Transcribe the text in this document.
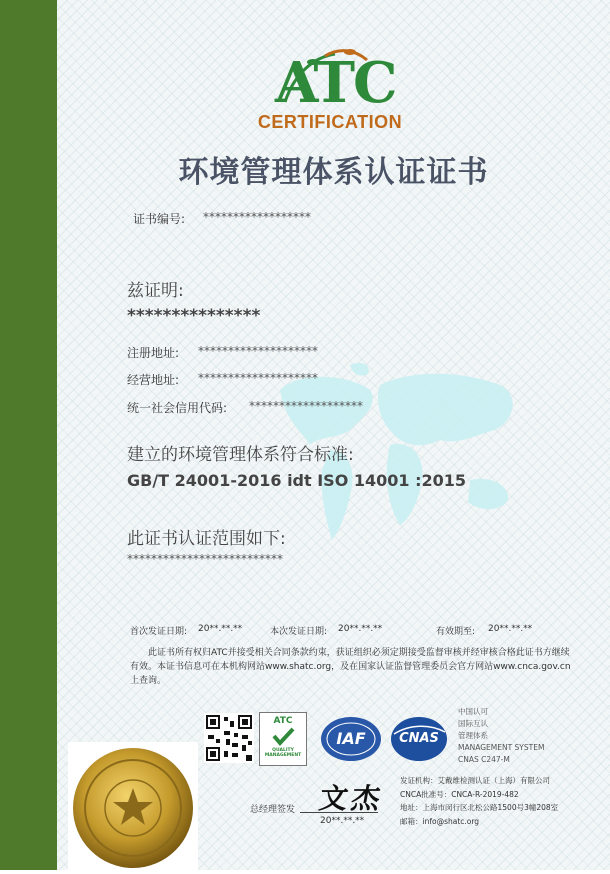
ATC
CERTIFICATION
环境管理体系认证证书
证书编号: ******************
兹证明:
***************
注册地址: ********************
经营地址: ********************
统一社会信用代码: *******************
建立的环境管理体系符合标准:
GB/T 24001-2016 idt ISO 14001 :2015
此证书认证范围如下:
**************************
首次发证日期: 20**.**.**	本次发证日期: 20**.**.**	有效期至: 20**.**.**
此证书所有权归ATC并接受相关合同条款约束，获证组织必须定期接受监督审核并经审核合格此证书方继续有效。本证书信息可在本机构网站www.shatc.org，及在国家认证监督管理委员会官方网站www.cnca.gov.cn上查询。
ATC
QUALITY MANAGEMENT
IAF	CNAS
中国认可
国际互认
管理体系
MANAGEMENT SYSTEM
CNAS C247-M
发证机构：艾戴维检测认证（上海）有限公司
CNCA批准号：CNCA-R-2019-482
地址：上海市闵行区北松公路1500号3幢208室
邮箱：info@shatc.org
总经理签发 文杰
20**.**.**
